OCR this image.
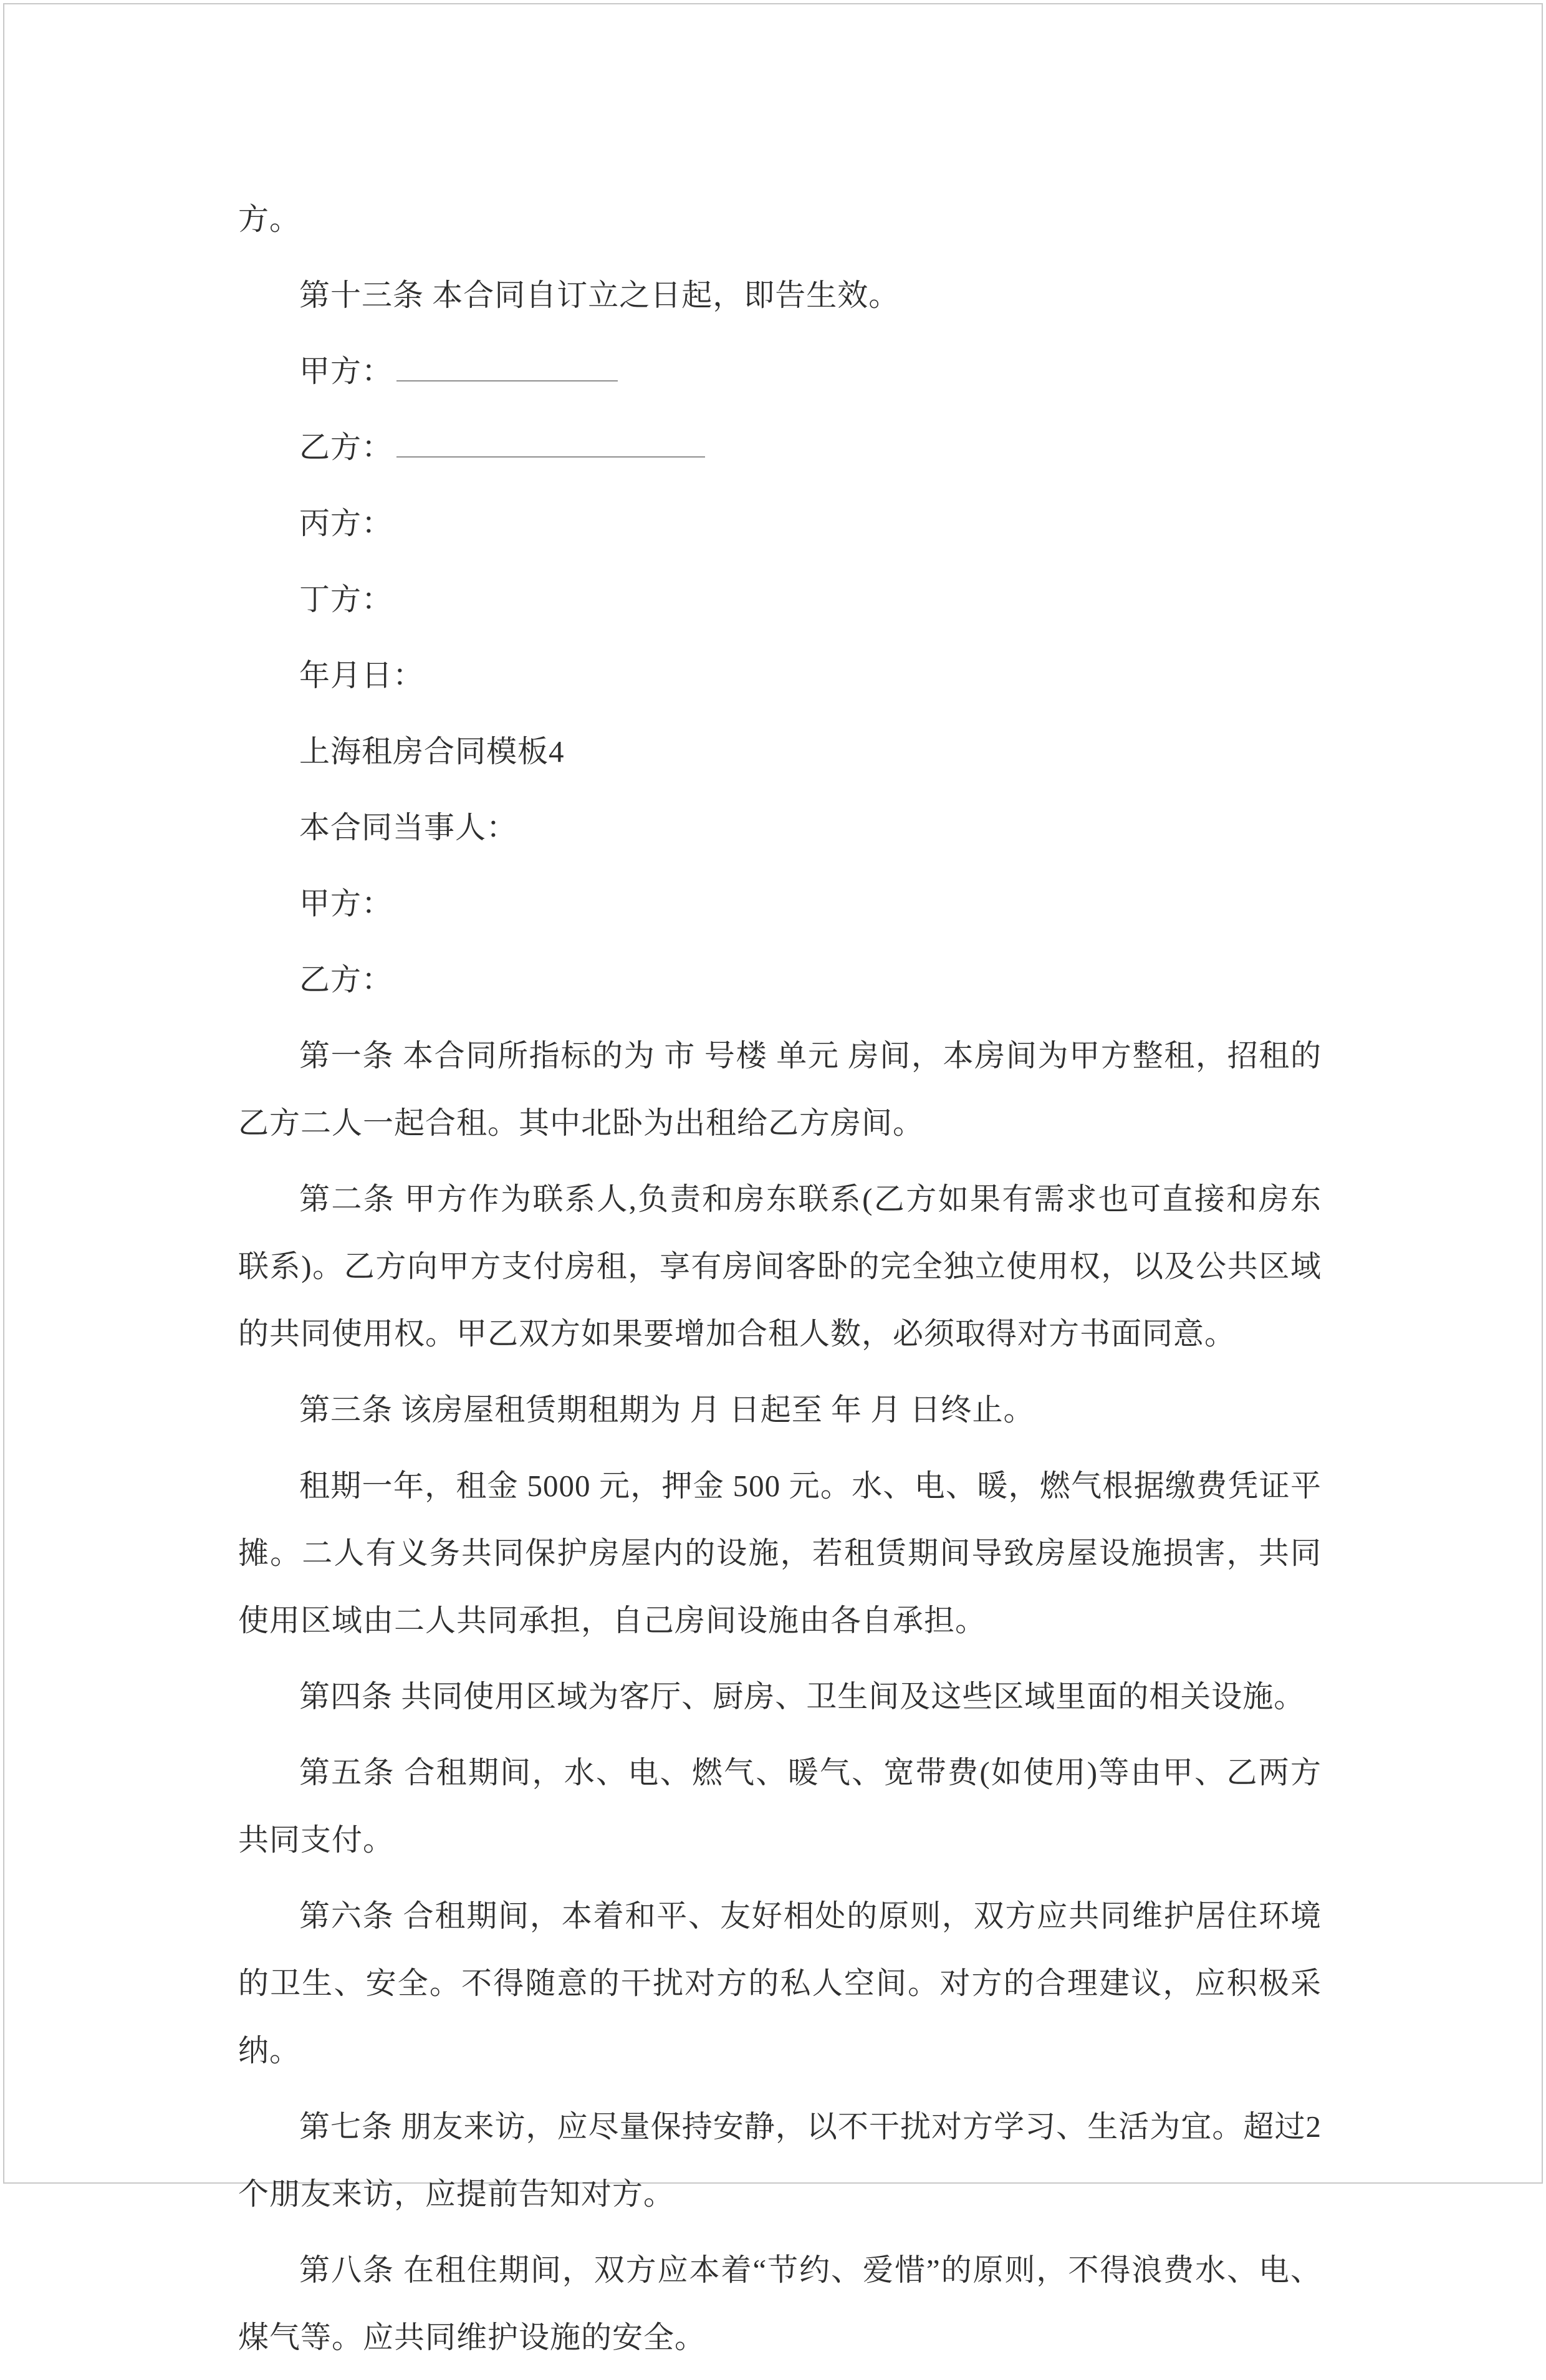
方。

第十三条 本合同自订立之日起，即告生效。

甲方：

乙方：

丙方：

丁方：

年月日：

上海租房合同模板4

本合同当事人：

甲方：

乙方：

第一条 本合同所指标的为 市 号楼 单元 房间，本房间为甲方整租，招租的乙方二人一起合租。其中北卧为出租给乙方房间。

第二条 甲方作为联系人,负责和房东联系(乙方如果有需求也可直接和房东联系)。乙方向甲方支付房租，享有房间客卧的完全独立使用权，以及公共区域的共同使用权。甲乙双方如果要增加合租人数，必须取得对方书面同意。

第三条 该房屋租赁期租期为 月 日起至 年 月 日终止。

租期一年，租金 5000 元，押金 500 元。水、电、暖，燃气根据缴费凭证平摊。二人有义务共同保护房屋内的设施，若租赁期间导致房屋设施损害，共同使用区域由二人共同承担，自己房间设施由各自承担。

第四条 共同使用区域为客厅、厨房、卫生间及这些区域里面的相关设施。

第五条 合租期间，水、电、燃气、暖气、宽带费(如使用)等由甲、乙两方共同支付。

第六条 合租期间，本着和平、友好相处的原则，双方应共同维护居住环境的卫生、安全。不得随意的干扰对方的私人空间。对方的合理建议，应积极采纳。

第七条 朋友来访，应尽量保持安静，以不干扰对方学习、生活为宜。超过2个朋友来访，应提前告知对方。

第八条 在租住期间，双方应本着“节约、爱惜”的原则，不得浪费水、电、煤气等。应共同维护设施的安全。
